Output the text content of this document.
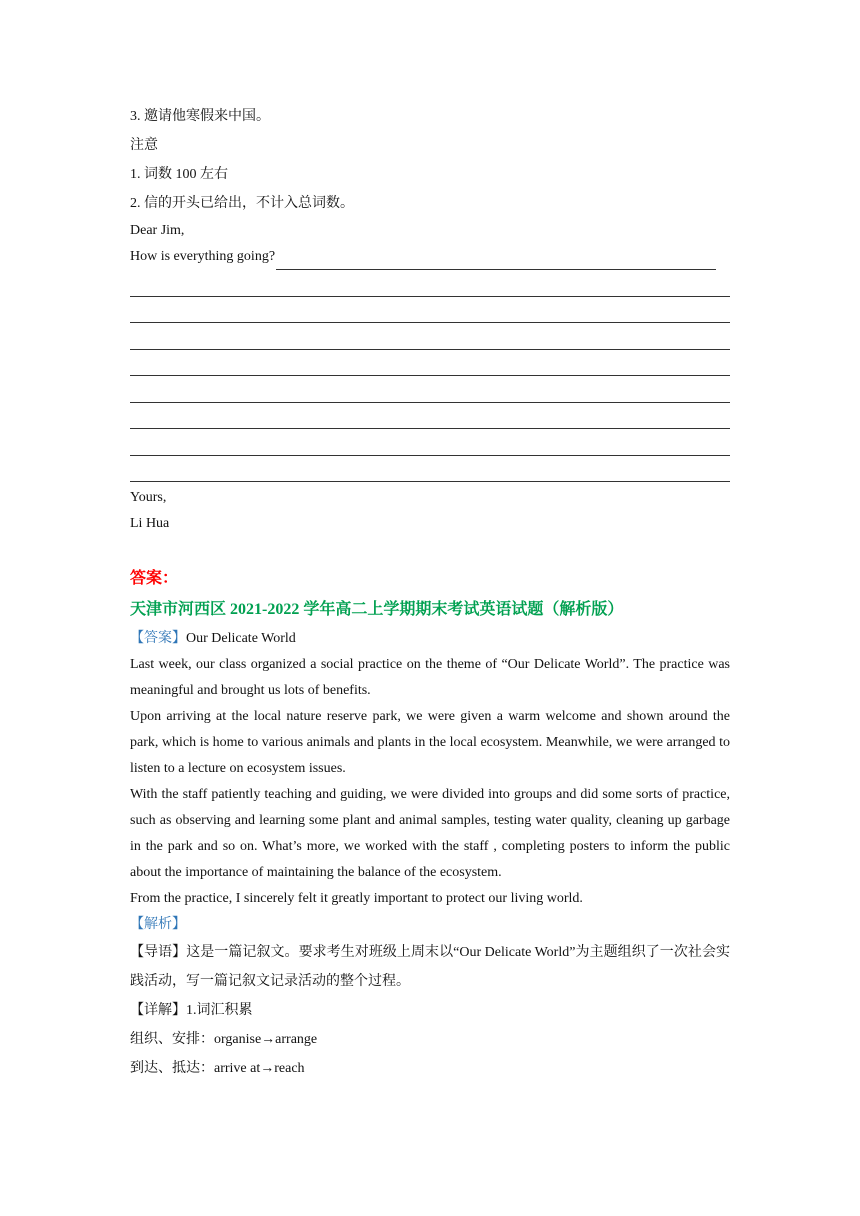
3. 邀请他寒假来中国。
注意
1. 词数 100 左右
2. 信的开头已给出，不计入总词数。
Dear Jim,
How is everything going?
Yours,
Li Hua
答案：
天津市河西区 2021-2022 学年高二上学期期末考试英语试题（解析版）
【答案】Our Delicate World
Last week, our class organized a social practice on the theme of “Our Delicate World”. The practice was meaningful and brought us lots of benefits.
Upon arriving at the local nature reserve park, we were given a warm welcome and shown around the park, which is home to various animals and plants in the local ecosystem. Meanwhile, we were arranged to listen to a lecture on ecosystem issues.
With the staff patiently teaching and guiding, we were divided into groups and did some sorts of practice, such as observing and learning some plant and animal samples, testing water quality, cleaning up garbage in the park and so on. What’s more, we worked with the staff , completing posters to inform the public about the importance of maintaining the balance of the ecosystem.
From the practice, I sincerely felt it greatly important to protect our living world.
【解析】
【导语】这是一篇记叙文。要求考生对班级上周末以“Our Delicate World”为主题组织了一次社会实践活动，写一篇记叙文记录活动的整个过程。
【详解】1.词汇积累
组织、安排：organise→arrange
到达、抵达：arrive at→reach
